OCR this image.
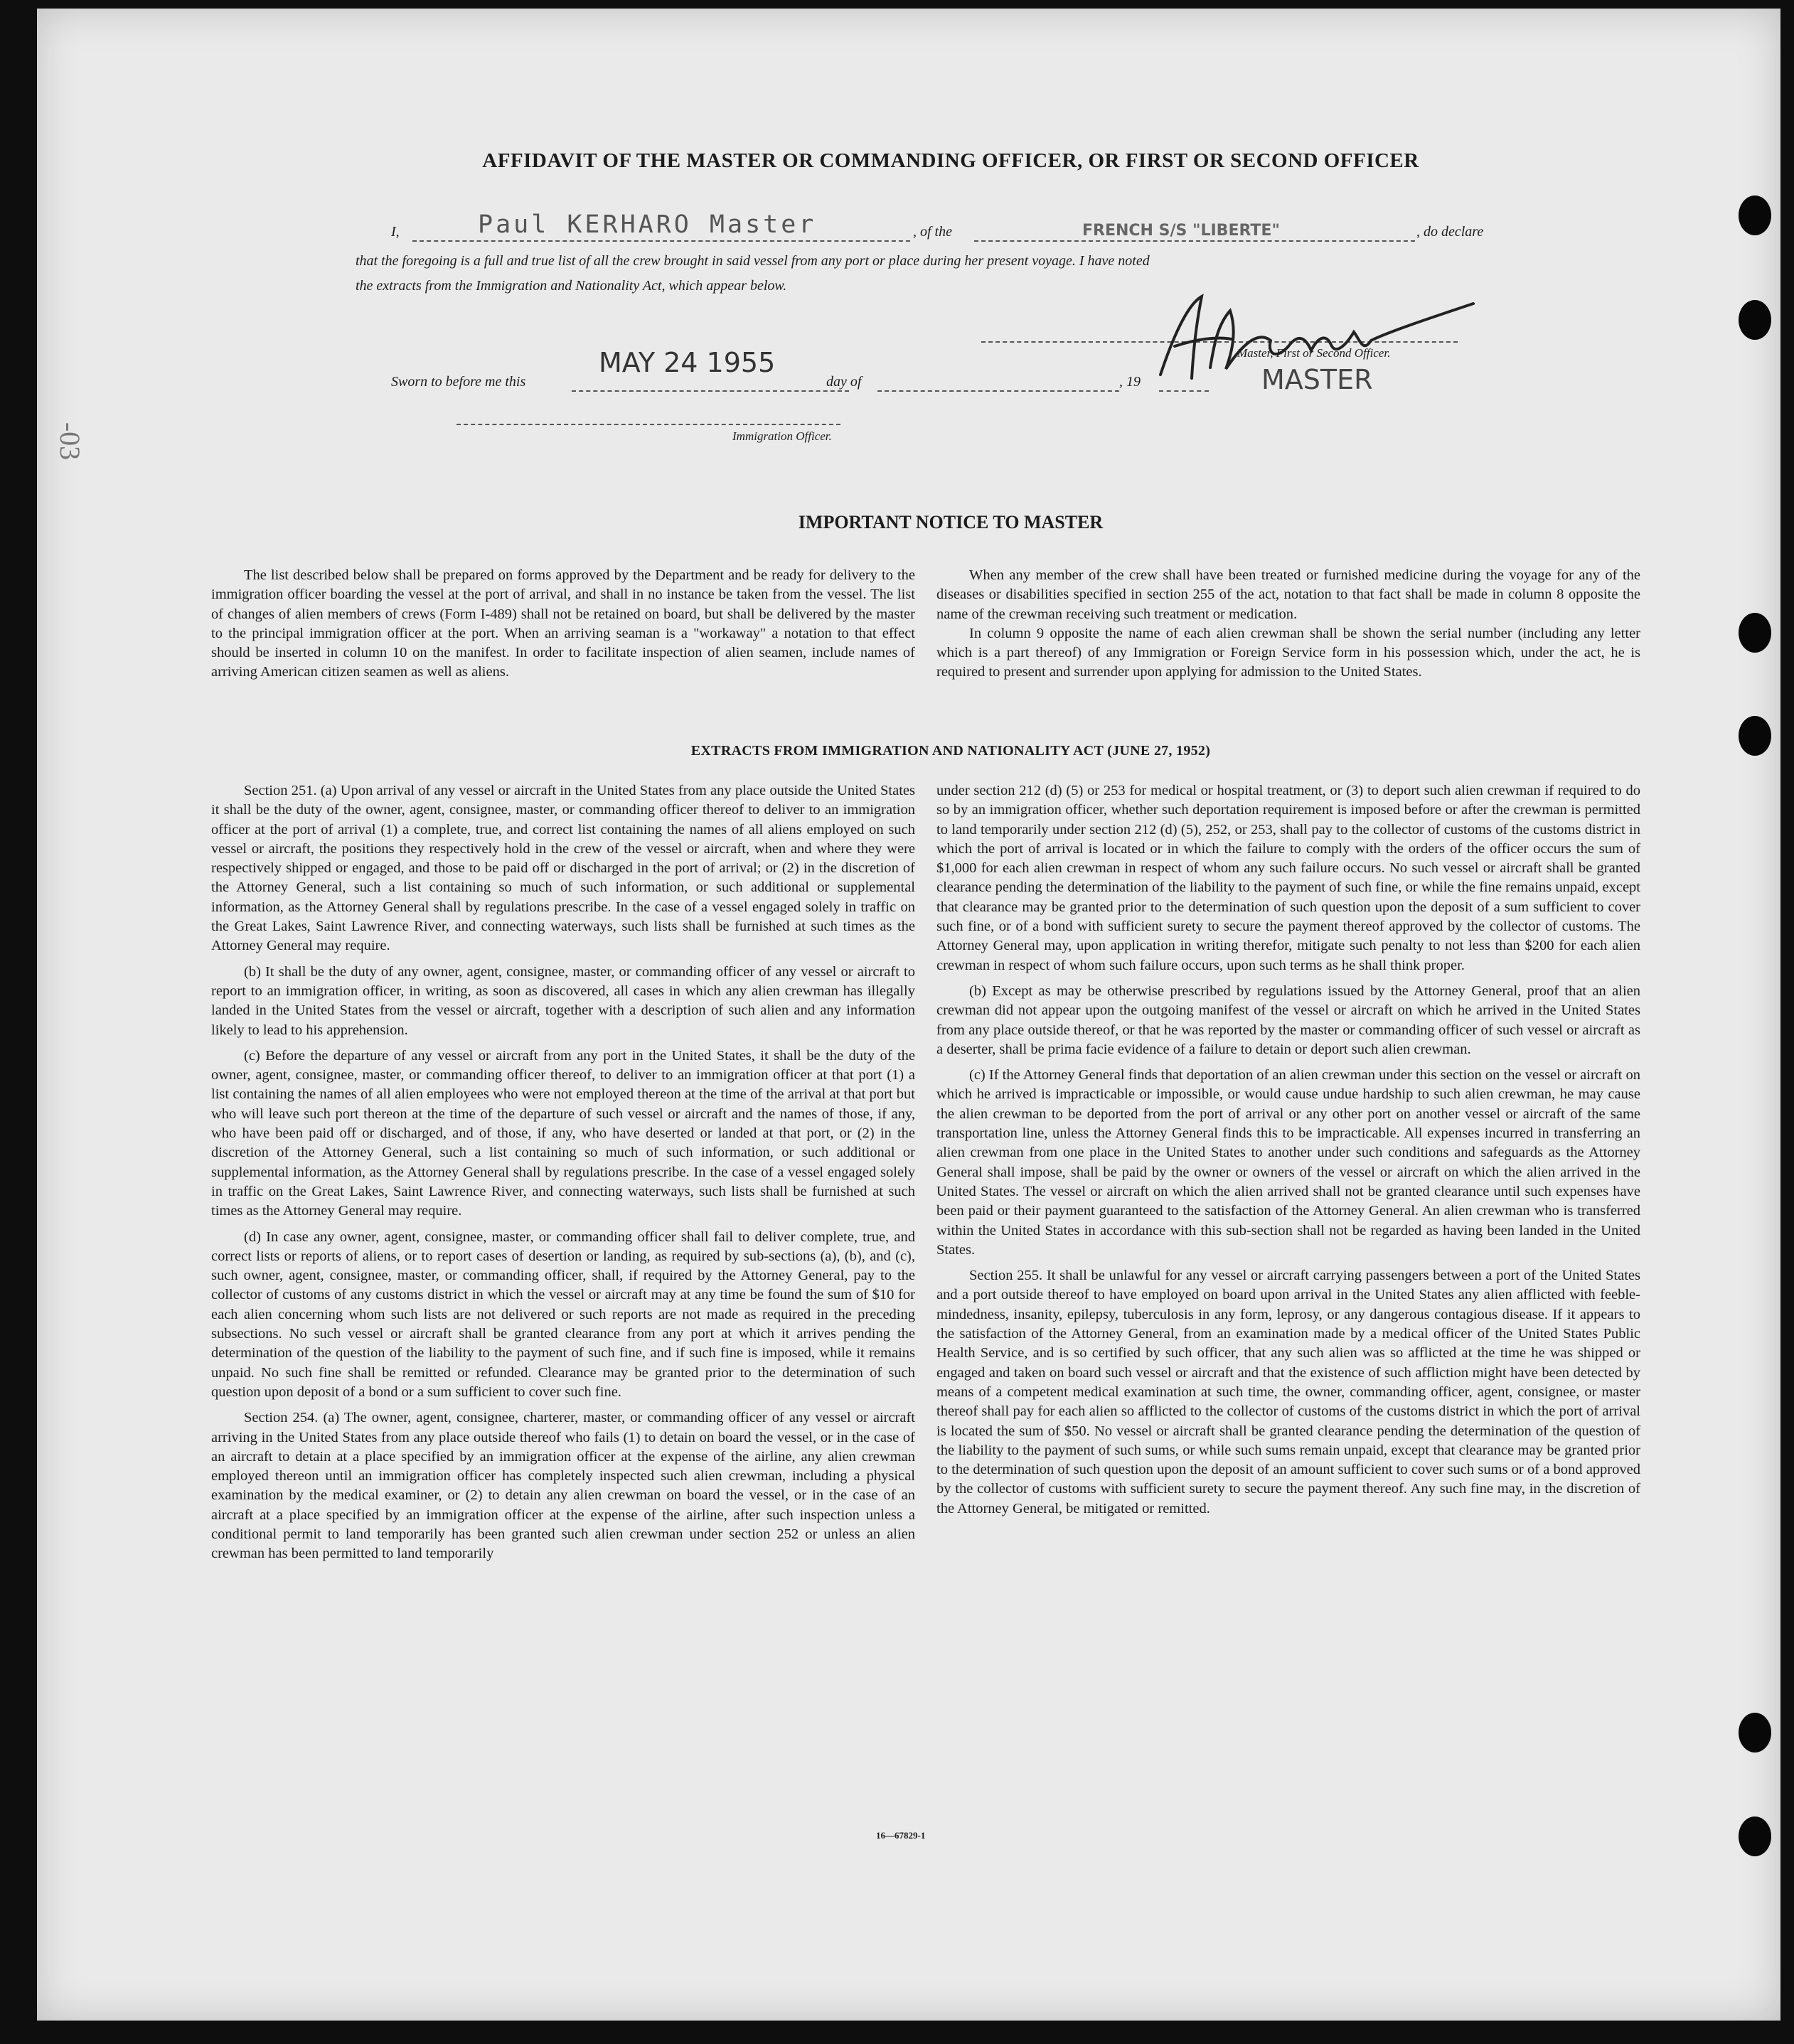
-03
AFFIDAVIT OF THE MASTER OR COMMANDING OFFICER, OR FIRST OR SECOND OFFICER
I,	Paul KERHARO Master	, of the	FRENCH S/S "LIBERTE"	, do declare
that the foregoing is a full and true list of all the crew brought in said vessel from any port or place during her present voyage. I have noted
the extracts from the Immigration and Nationality Act, which appear below.
Master, First or Second Officer.
MASTER
Sworn to before me this
MAY 24 1955
day of	, 19
Immigration Officer.
IMPORTANT NOTICE TO MASTER

The list described below shall be prepared on forms approved by the Department and be ready for delivery to the immigration officer boarding the vessel at the port of arrival, and shall in no instance be taken from the vessel. The list of changes of alien members of crews (Form I-489) shall not be retained on board, but shall be delivered by the master to the principal immigration officer at the port. When an arriving seaman is a "workaway" a notation to that effect should be inserted in column 10 on the manifest. In order to facilitate inspection of alien seamen, include names of arriving American citizen seamen as well as aliens.

When any member of the crew shall have been treated or furnished medicine during the voyage for any of the diseases or disabilities specified in section 255 of the act, notation to that fact shall be made in column 8 opposite the name of the crewman receiving such treatment or medication.

In column 9 opposite the name of each alien crewman shall be shown the serial number (including any letter which is a part thereof) of any Immigration or Foreign Service form in his possession which, under the act, he is required to present and surrender upon applying for admission to the United States.

EXTRACTS FROM IMMIGRATION AND NATIONALITY ACT (JUNE 27, 1952)

Section 251. (a) Upon arrival of any vessel or aircraft in the United States from any place outside the United States it shall be the duty of the owner, agent, consignee, master, or commanding officer thereof to deliver to an immigration officer at the port of arrival (1) a complete, true, and correct list containing the names of all aliens employed on such vessel or aircraft, the positions they respectively hold in the crew of the vessel or aircraft, when and where they were respectively shipped or engaged, and those to be paid off or discharged in the port of arrival; or (2) in the discretion of the Attorney General, such a list containing so much of such information, or such additional or supplemental information, as the Attorney General shall by regulations prescribe. In the case of a vessel engaged solely in traffic on the Great Lakes, Saint Lawrence River, and connecting waterways, such lists shall be furnished at such times as the Attorney General may require.

(b) It shall be the duty of any owner, agent, consignee, master, or commanding officer of any vessel or aircraft to report to an immigration officer, in writing, as soon as discovered, all cases in which any alien crewman has illegally landed in the United States from the vessel or aircraft, together with a description of such alien and any information likely to lead to his apprehension.

(c) Before the departure of any vessel or aircraft from any port in the United States, it shall be the duty of the owner, agent, consignee, master, or commanding officer thereof, to deliver to an immigration officer at that port (1) a list containing the names of all alien employees who were not employed thereon at the time of the arrival at that port but who will leave such port thereon at the time of the departure of such vessel or aircraft and the names of those, if any, who have been paid off or discharged, and of those, if any, who have deserted or landed at that port, or (2) in the discretion of the Attorney General, such a list containing so much of such information, or such additional or supplemental information, as the Attorney General shall by regulations prescribe. In the case of a vessel engaged solely in traffic on the Great Lakes, Saint Lawrence River, and connecting waterways, such lists shall be furnished at such times as the Attorney General may require.

(d) In case any owner, agent, consignee, master, or commanding officer shall fail to deliver complete, true, and correct lists or reports of aliens, or to report cases of desertion or landing, as required by sub-sections (a), (b), and (c), such owner, agent, consignee, master, or commanding officer, shall, if required by the Attorney General, pay to the collector of customs of any customs district in which the vessel or aircraft may at any time be found the sum of $10 for each alien concerning whom such lists are not delivered or such reports are not made as required in the preceding subsections. No such vessel or aircraft shall be granted clearance from any port at which it arrives pending the determination of the question of the liability to the payment of such fine, and if such fine is imposed, while it remains unpaid. No such fine shall be remitted or refunded. Clearance may be granted prior to the determination of such question upon deposit of a bond or a sum sufficient to cover such fine.

Section 254. (a) The owner, agent, consignee, charterer, master, or commanding officer of any vessel or aircraft arriving in the United States from any place outside thereof who fails (1) to detain on board the vessel, or in the case of an aircraft to detain at a place specified by an immigration officer at the expense of the airline, any alien crewman employed thereon until an immigration officer has completely inspected such alien crewman, including a physical examination by the medical examiner, or (2) to detain any alien crewman on board the vessel, or in the case of an aircraft at a place specified by an immigration officer at the expense of the airline, after such inspection unless a conditional permit to land temporarily has been granted such alien crewman under section 252 or unless an alien crewman has been permitted to land temporarily

under section 212 (d) (5) or 253 for medical or hospital treatment, or (3) to deport such alien crewman if required to do so by an immigration officer, whether such deportation requirement is imposed before or after the crewman is permitted to land temporarily under section 212 (d) (5), 252, or 253, shall pay to the collector of customs of the customs district in which the port of arrival is located or in which the failure to comply with the orders of the officer occurs the sum of $1,000 for each alien crewman in respect of whom any such failure occurs. No such vessel or aircraft shall be granted clearance pending the determination of the liability to the payment of such fine, or while the fine remains unpaid, except that clearance may be granted prior to the determination of such question upon the deposit of a sum sufficient to cover such fine, or of a bond with sufficient surety to secure the payment thereof approved by the collector of customs. The Attorney General may, upon application in writing therefor, mitigate such penalty to not less than $200 for each alien crewman in respect of whom such failure occurs, upon such terms as he shall think proper.

(b) Except as may be otherwise prescribed by regulations issued by the Attorney General, proof that an alien crewman did not appear upon the outgoing manifest of the vessel or aircraft on which he arrived in the United States from any place outside thereof, or that he was reported by the master or commanding officer of such vessel or aircraft as a deserter, shall be prima facie evidence of a failure to detain or deport such alien crewman.

(c) If the Attorney General finds that deportation of an alien crewman under this section on the vessel or aircraft on which he arrived is impracticable or impossible, or would cause undue hardship to such alien crewman, he may cause the alien crewman to be deported from the port of arrival or any other port on another vessel or aircraft of the same transportation line, unless the Attorney General finds this to be impracticable. All expenses incurred in transferring an alien crewman from one place in the United States to another under such conditions and safeguards as the Attorney General shall impose, shall be paid by the owner or owners of the vessel or aircraft on which the alien arrived in the United States. The vessel or aircraft on which the alien arrived shall not be granted clearance until such expenses have been paid or their payment guaranteed to the satisfaction of the Attorney General. An alien crewman who is transferred within the United States in accordance with this sub-section shall not be regarded as having been landed in the United States.

Section 255. It shall be unlawful for any vessel or aircraft carrying passengers between a port of the United States and a port outside thereof to have employed on board upon arrival in the United States any alien afflicted with feeble-mindedness, insanity, epilepsy, tuberculosis in any form, leprosy, or any dangerous contagious disease. If it appears to the satisfaction of the Attorney General, from an examination made by a medical officer of the United States Public Health Service, and is so certified by such officer, that any such alien was so afflicted at the time he was shipped or engaged and taken on board such vessel or aircraft and that the existence of such affliction might have been detected by means of a competent medical examination at such time, the owner, commanding officer, agent, consignee, or master thereof shall pay for each alien so afflicted to the collector of customs of the customs district in which the port of arrival is located the sum of $50. No vessel or aircraft shall be granted clearance pending the determination of the question of the liability to the payment of such sums, or while such sums remain unpaid, except that clearance may be granted prior to the determination of such question upon the deposit of an amount sufficient to cover such sums or of a bond approved by the collector of customs with sufficient surety to secure the payment thereof. Any such fine may, in the discretion of the Attorney General, be mitigated or remitted.

16—67829-1
